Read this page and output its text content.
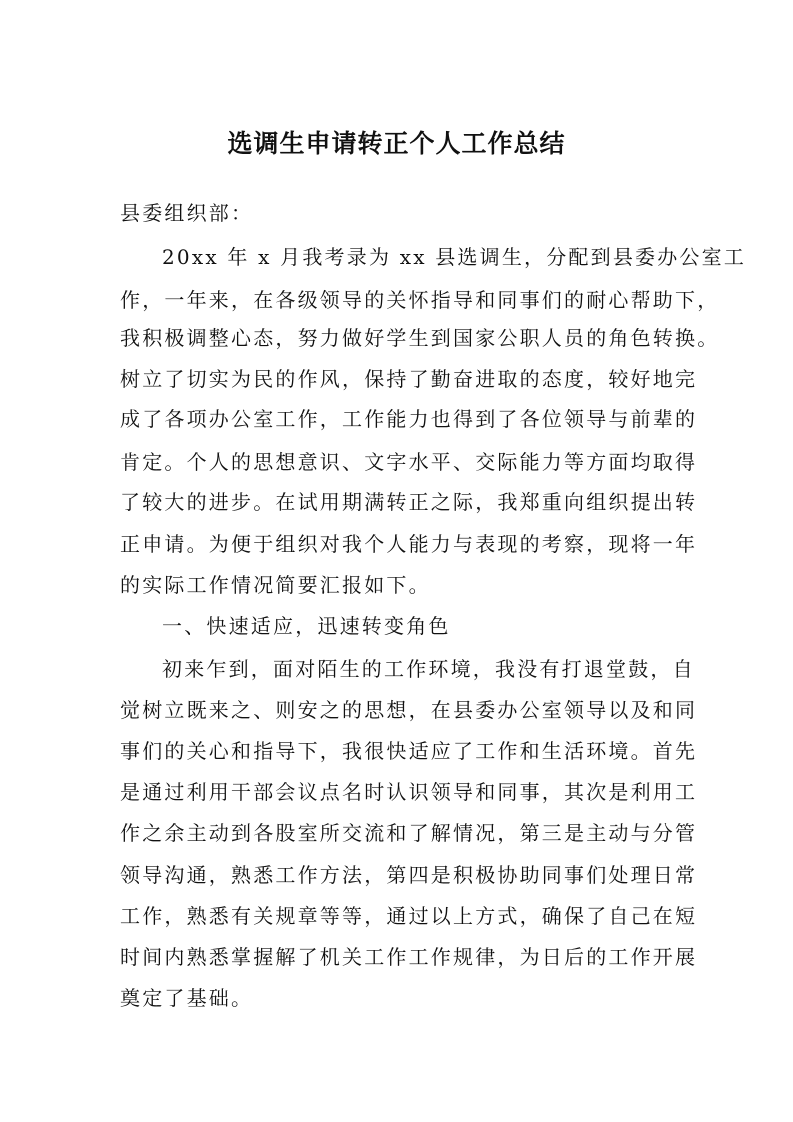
选调生申请转正个人工作总结
县委组织部：
20xx 年 x 月我考录为 xx 县选调生，分配到县委办公室工
作，一年来，在各级领导的关怀指导和同事们的耐心帮助下，
我积极调整心态，努力做好学生到国家公职人员的角色转换。
树立了切实为民的作风，保持了勤奋进取的态度，较好地完
成了各项办公室工作，工作能力也得到了各位领导与前辈的
肯定。个人的思想意识、文字水平、交际能力等方面均取得
了较大的进步。在试用期满转正之际，我郑重向组织提出转
正申请。为便于组织对我个人能力与表现的考察，现将一年
的实际工作情况简要汇报如下。
一、快速适应，迅速转变角色
初来乍到，面对陌生的工作环境，我没有打退堂鼓，自
觉树立既来之、则安之的思想，在县委办公室领导以及和同
事们的关心和指导下，我很快适应了工作和生活环境。首先
是通过利用干部会议点名时认识领导和同事，其次是利用工
作之余主动到各股室所交流和了解情况，第三是主动与分管
领导沟通，熟悉工作方法，第四是积极协助同事们处理日常
工作，熟悉有关规章等等，通过以上方式，确保了自己在短
时间内熟悉掌握解了机关工作工作规律，为日后的工作开展
奠定了基础。
